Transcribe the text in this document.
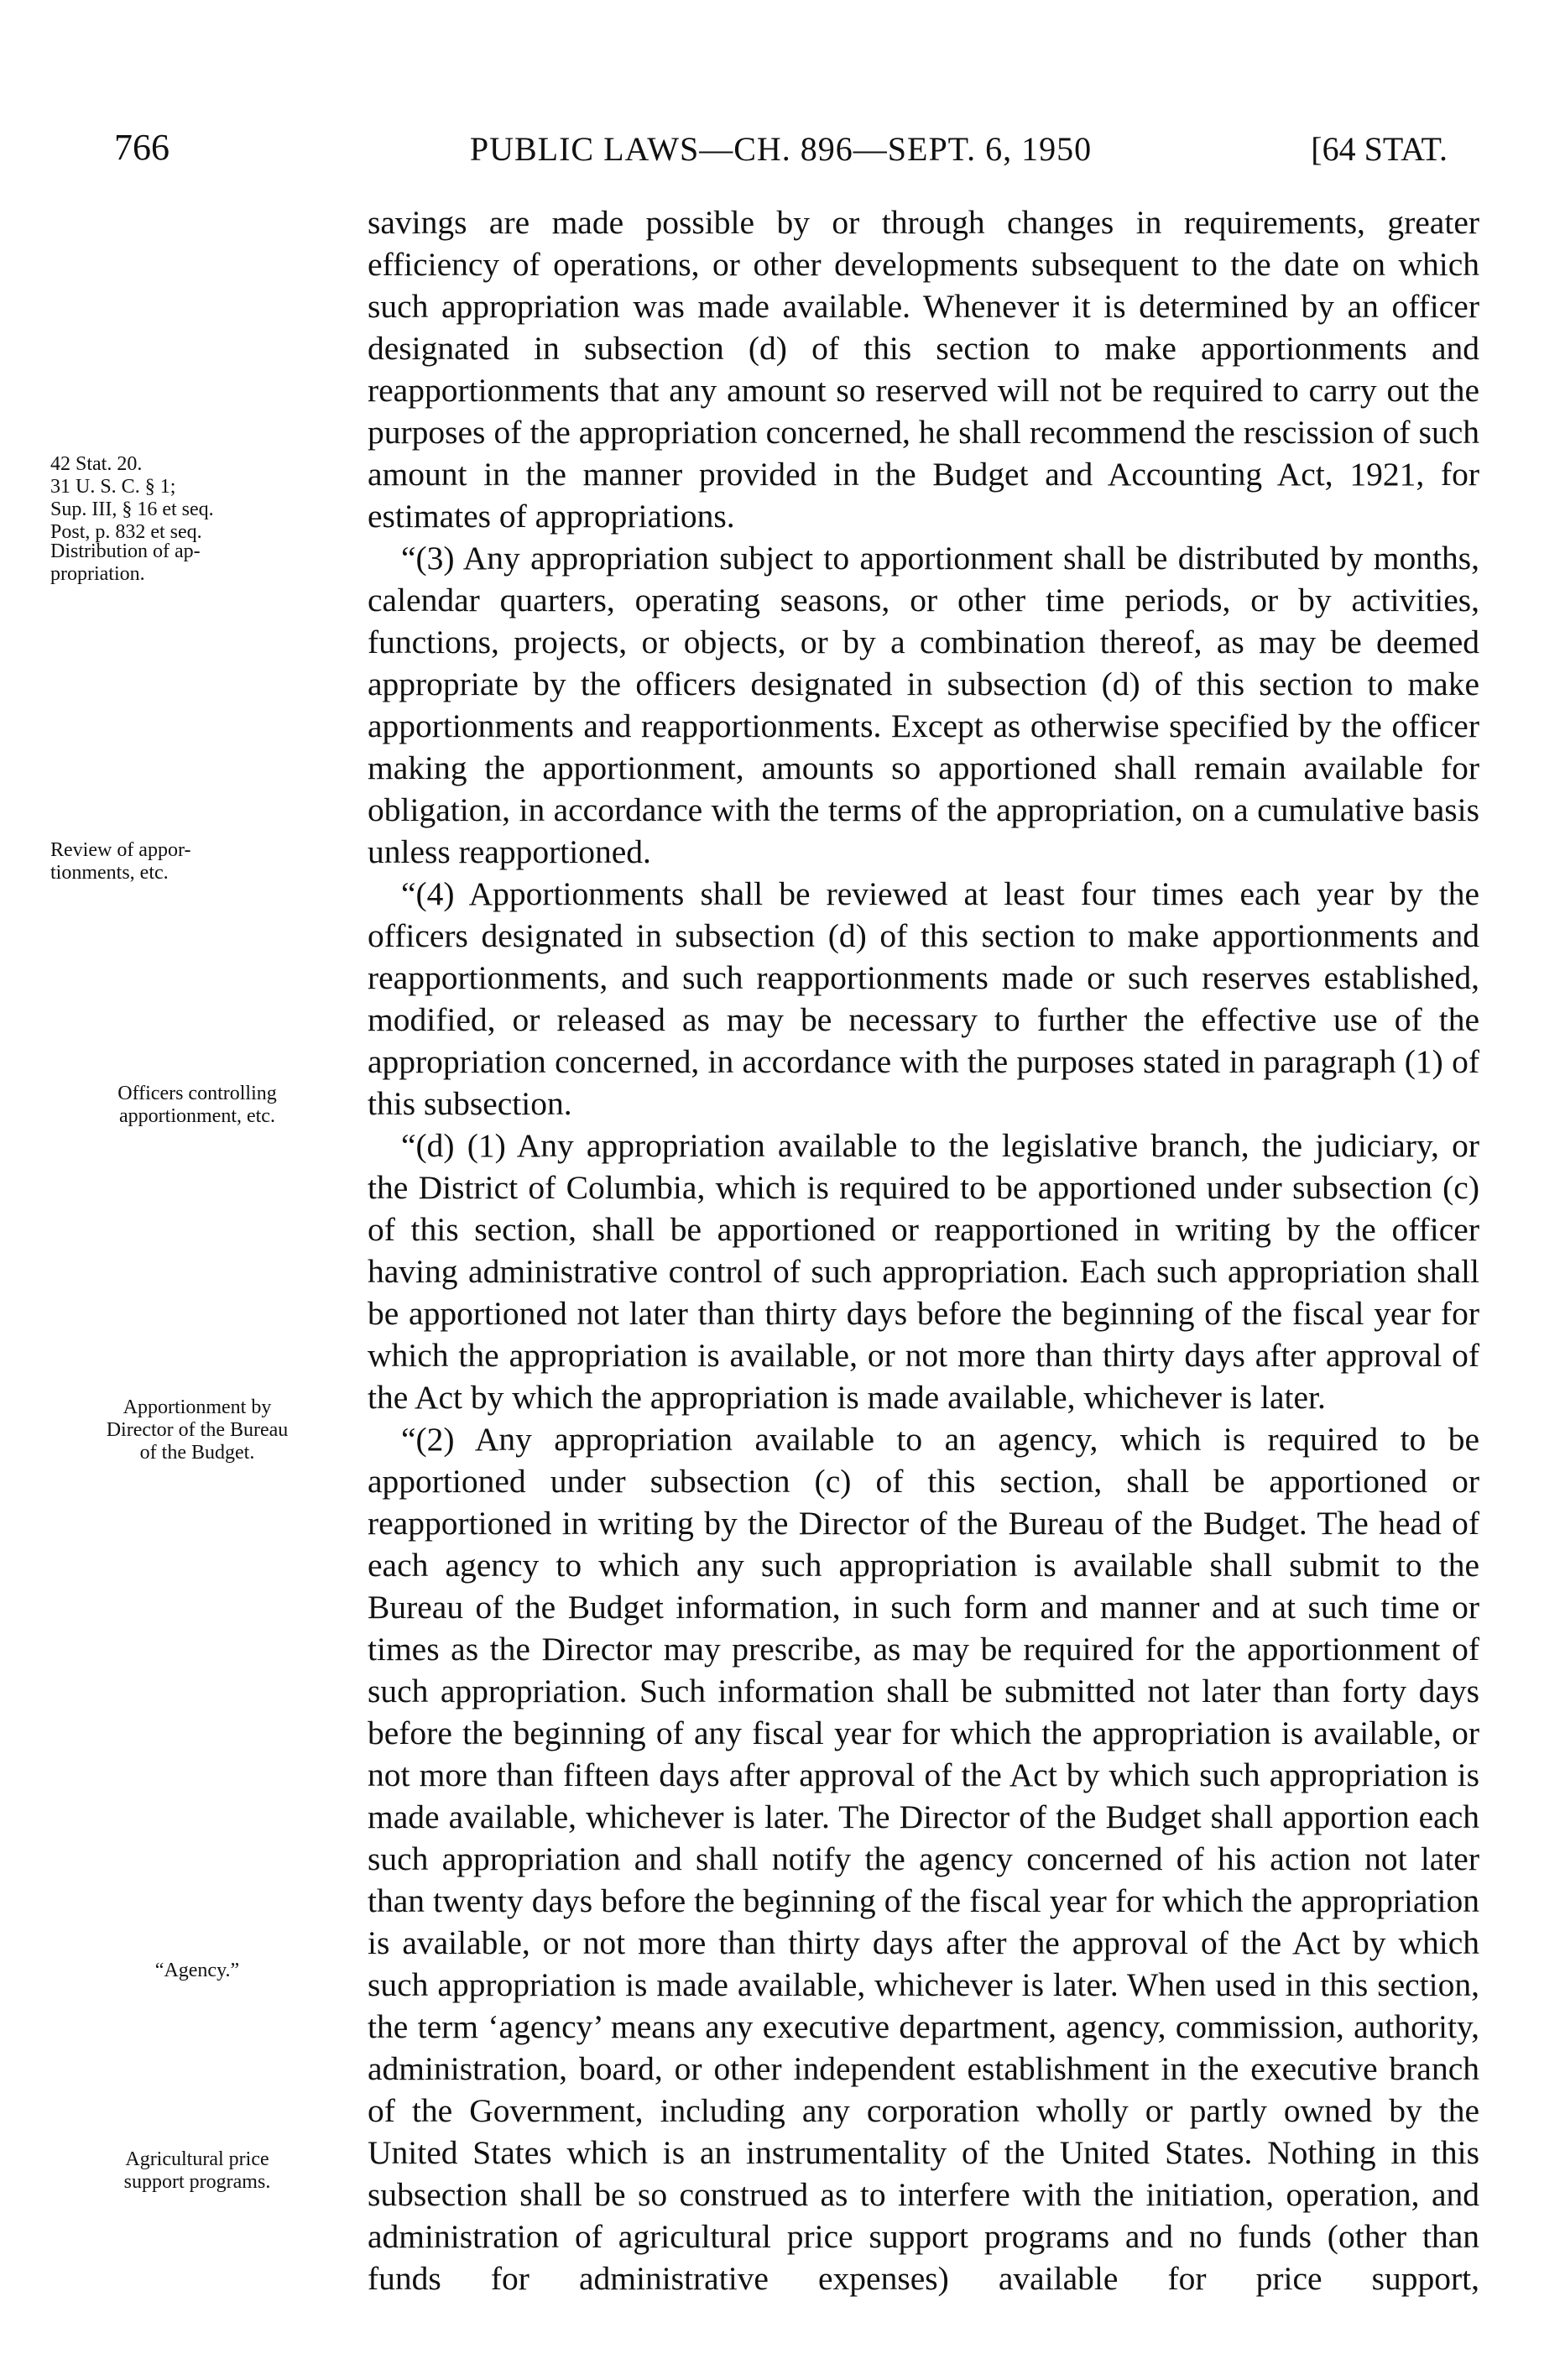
766	PUBLIC LAWS—CH. 896—SEPT. 6, 1950	[64 STAT.
42 Stat. 20.
31 U. S. C. § 1;
Sup. III, § 16 et seq.
Post, p. 832 et seq.
Distribution of ap-
propriation.
Review of appor-
tionments, etc.
Officers controlling
apportionment, etc.
Apportionment by
Director of the Bureau
of the Budget.
“Agency.”
Agricultural price
support programs.

savings are made possible by or through changes in requirements, greater efficiency of operations, or other developments subsequent to the date on which such appropriation was made available. Whenever it is determined by an officer designated in subsection (d) of this section to make apportionments and reapportionments that any amount so reserved will not be required to carry out the purposes of the appropriation concerned, he shall recommend the rescission of such amount in the manner provided in the Budget and Accounting Act, 1921, for estimates of appropriations.

“(3) Any appropriation subject to apportionment shall be distributed by months, calendar quarters, operating seasons, or other time periods, or by activities, functions, projects, or objects, or by a combination thereof, as may be deemed appropriate by the officers designated in subsection (d) of this section to make apportionments and reapportionments. Except as otherwise specified by the officer making the apportionment, amounts so apportioned shall remain available for obligation, in accordance with the terms of the appropriation, on a cumulative basis unless reapportioned.

“(4) Apportionments shall be reviewed at least four times each year by the officers designated in subsection (d) of this section to make apportionments and reapportionments, and such reapportionments made or such reserves established, modified, or released as may be necessary to further the effective use of the appropriation concerned, in accordance with the purposes stated in paragraph (1) of this subsection.

“(d) (1) Any appropriation available to the legislative branch, the judiciary, or the District of Columbia, which is required to be apportioned under subsection (c) of this section, shall be apportioned or reapportioned in writing by the officer having administrative control of such appropriation. Each such appropriation shall be apportioned not later than thirty days before the beginning of the fiscal year for which the appropriation is available, or not more than thirty days after approval of the Act by which the appropriation is made available, whichever is later.

“(2) Any appropriation available to an agency, which is required to be apportioned under subsection (c) of this section, shall be apportioned or reapportioned in writing by the Director of the Bureau of the Budget. The head of each agency to which any such appropriation is available shall submit to the Bureau of the Budget information, in such form and manner and at such time or times as the Director may prescribe, as may be required for the apportionment of such appropriation. Such information shall be submitted not later than forty days before the beginning of any fiscal year for which the appropriation is available, or not more than fifteen days after approval of the Act by which such appropriation is made available, whichever is later. The Director of the Budget shall apportion each such appropriation and shall notify the agency concerned of his action not later than twenty days before the beginning of the fiscal year for which the appropriation is available, or not more than thirty days after the approval of the Act by which such appropriation is made available, whichever is later. When used in this section, the term ‘agency’ means any executive department, agency, commission, authority, administration, board, or other independent establishment in the executive branch of the Government, including any corporation wholly or partly owned by the United States which is an instrumentality of the United States. Nothing in this subsection shall be so construed as to interfere with the initiation, operation, and administration of agricultural price support programs and no funds (other than funds for administrative expenses) available for price support,
